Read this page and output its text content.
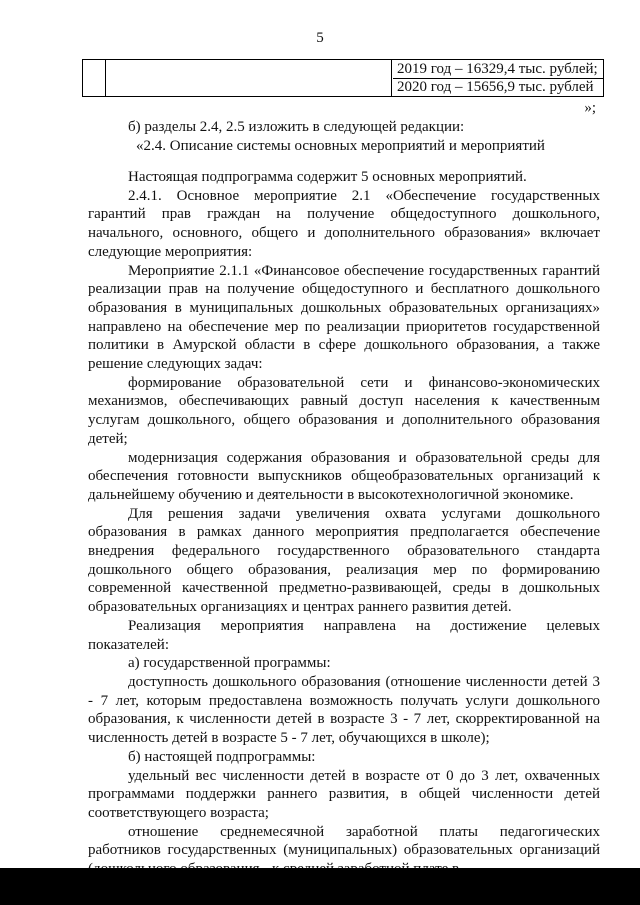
5
2019 год – 16329,4 тыс. рублей;
2020 год – 15656,9 тыс. рублей
»;

б) разделы 2.4, 2.5 изложить в следующей редакции:

«2.4. Описание системы основных мероприятий и мероприятий

Настоящая подпрограмма содержит 5 основных мероприятий.

2.4.1. Основное мероприятие 2.1 «Обеспечение государственных гарантий прав граждан на получение общедоступного дошкольного, начального, основного, общего и дополнительного образования» включает следующие мероприятия:

Мероприятие 2.1.1 «Финансовое обеспечение государственных гарантий реализации прав на получение общедоступного и бесплатного дошкольного образования в муниципальных дошкольных образовательных организациях» направлено на обеспечение мер по реализации приоритетов государственной политики в Амурской области в сфере дошкольного образования, а также решение следующих задач:

формирование образовательной сети и финансово-экономических механизмов, обеспечивающих равный доступ населения к качественным услугам дошкольного, общего образования и дополнительного образования детей;

модернизация содержания образования и образовательной среды для обеспечения готовности выпускников общеобразовательных организаций к дальнейшему обучению и деятельности в высокотехнологичной экономике.

Для решения задачи увеличения охвата услугами дошкольного образования в рамках данного мероприятия предполагается обеспечение внедрения федерального государственного образовательного стандарта дошкольного общего образования, реализация мер по формированию современной качественной предметно-развивающей, среды в дошкольных образовательных организациях и центрах раннего развития детей.

Реализация мероприятия направлена на достижение целевых показателей:

а) государственной программы:

доступность дошкольного образования (отношение численности детей 3 - 7 лет, которым предоставлена возможность получать услуги дошкольного образования, к численности детей в возрасте 3 - 7 лет, скорректированной на численность детей в возрасте 5 - 7 лет, обучающихся в школе);

б) настоящей подпрограммы:

удельный вес численности детей в возрасте от 0 до 3 лет, охваченных программами поддержки раннего развития, в общей численности детей соответствующего возраста;

отношение среднемесячной заработной платы педагогических работников государственных (муниципальных) образовательных организаций
